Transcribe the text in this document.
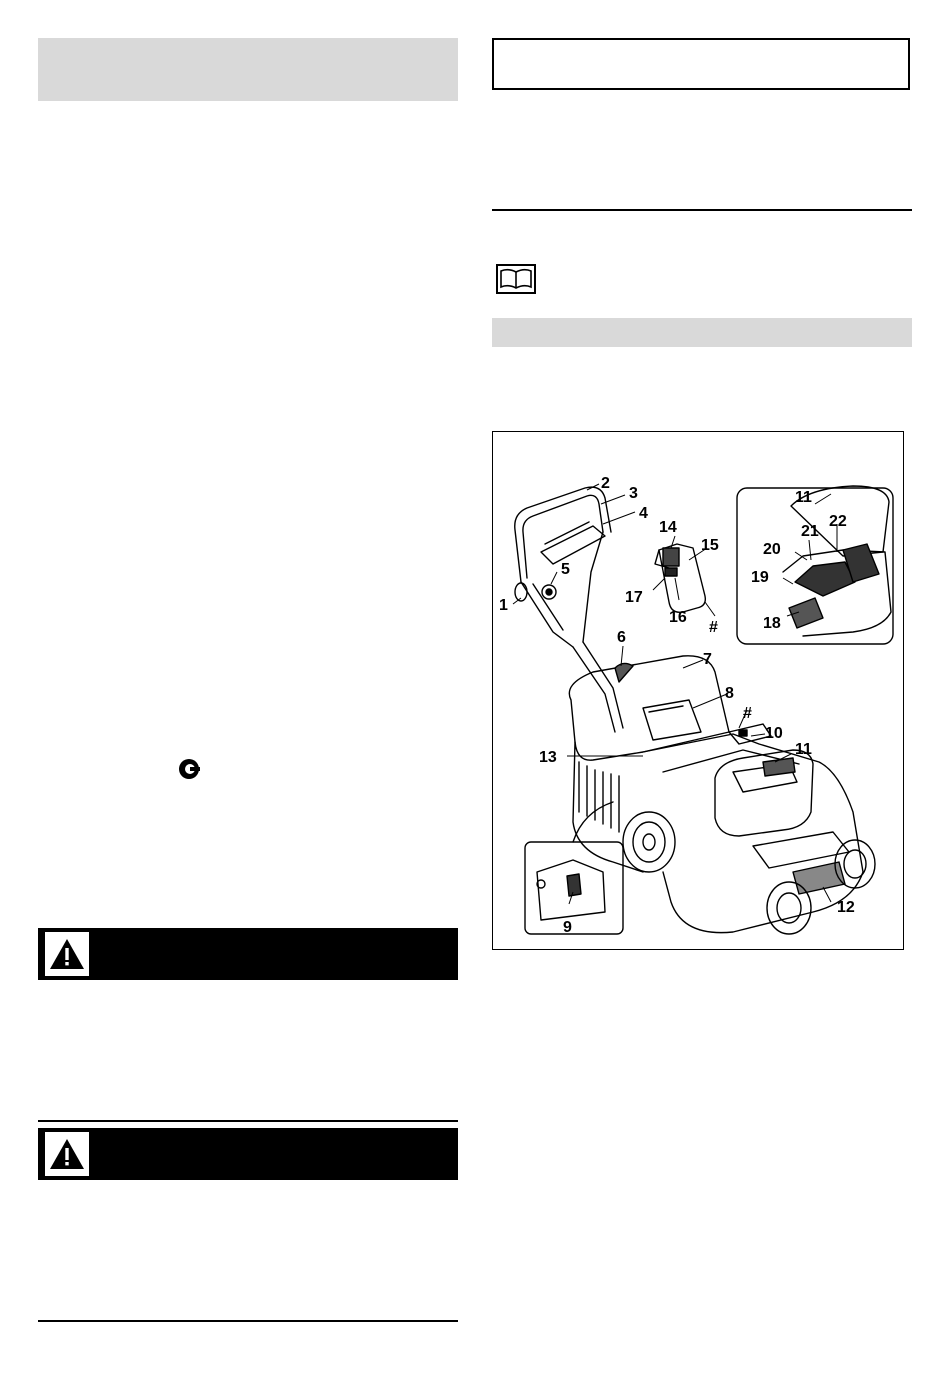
1
2
3
4
5
6
7
8
9
10
11
11
12
13
14
15
16
17
18
19
20
21
22
#
#
